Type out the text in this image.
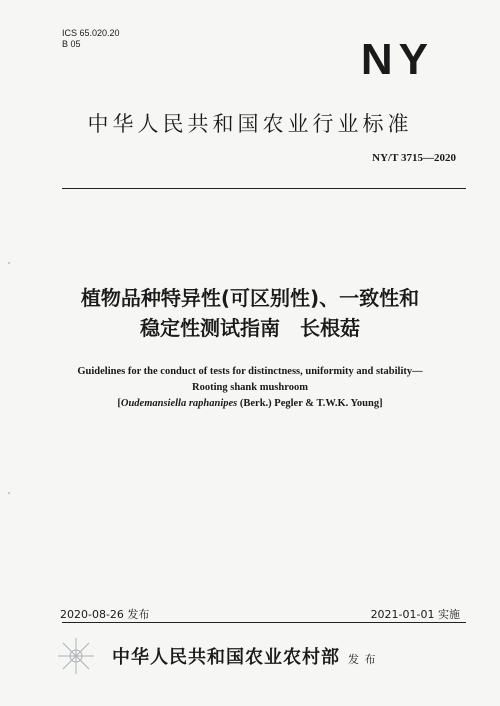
ICS 65.020.20
B 05	NY
中华人民共和国农业行业标准
NY/T 3715—2020
植物品种特异性(可区别性)、一致性和
稳定性测试指南　长根菇
Guidelines for the conduct of tests for distinctness, uniformity and stability—
Rooting shank mushroom
[Oudemansiella raphanipes (Berk.) Pegler & T.W.K. Young]
2020-08-26 发布	2021-01-01 实施
中华人民共和国农业农村部 发 布
